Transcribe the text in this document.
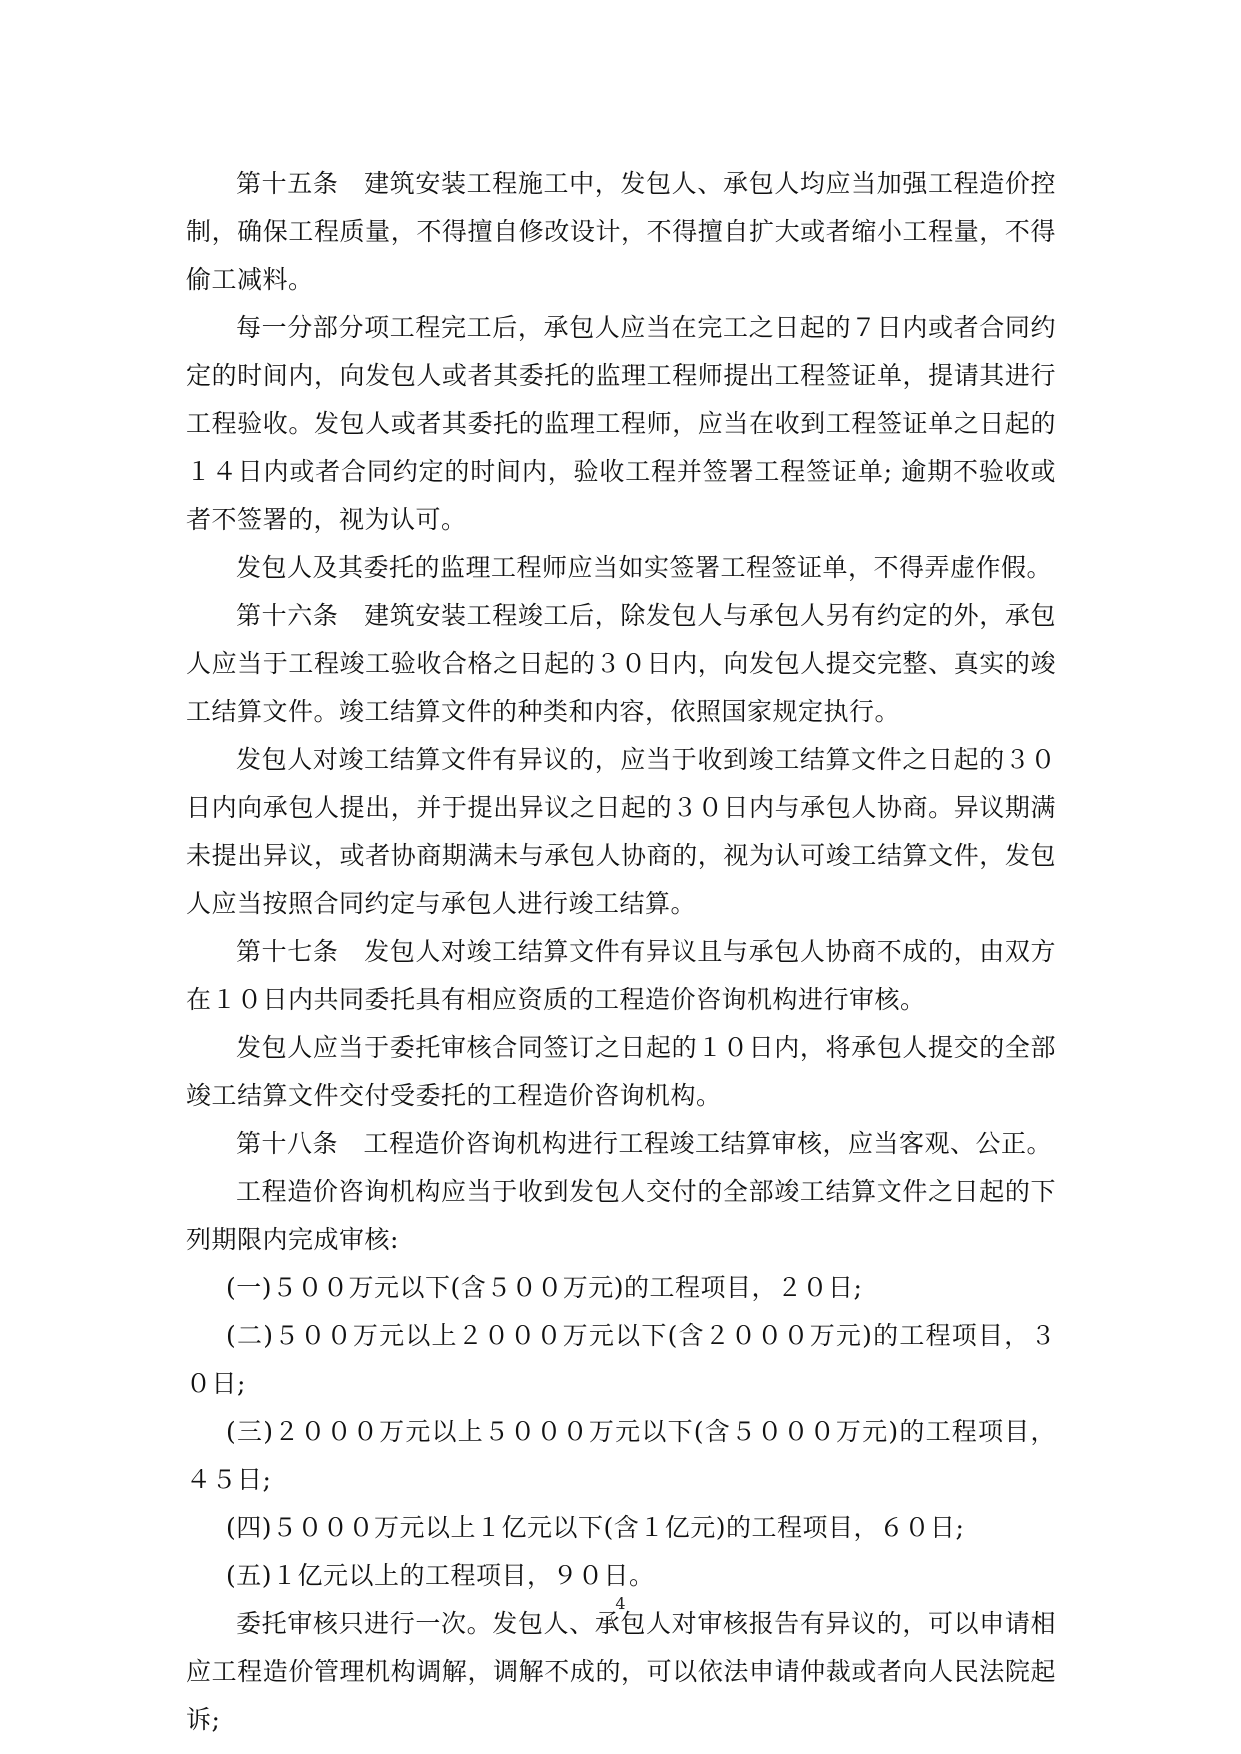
第十五条　建筑安装工程施工中，发包人、承包人均应当加强工程造价控制，确保工程质量，不得擅自修改设计，不得擅自扩大或者缩小工程量，不得偷工减料。

每一分部分项工程完工后，承包人应当在完工之日起的７日内或者合同约定的时间内，向发包人或者其委托的监理工程师提出工程签证单，提请其进行工程验收。发包人或者其委托的监理工程师，应当在收到工程签证单之日起的１４日内或者合同约定的时间内，验收工程并签署工程签证单; 逾期不验收或者不签署的，视为认可。

发包人及其委托的监理工程师应当如实签署工程签证单，不得弄虚作假。

第十六条　建筑安装工程竣工后，除发包人与承包人另有约定的外，承包人应当于工程竣工验收合格之日起的３０日内，向发包人提交完整、真实的竣工结算文件。竣工结算文件的种类和内容，依照国家规定执行。

发包人对竣工结算文件有异议的，应当于收到竣工结算文件之日起的３０日内向承包人提出，并于提出异议之日起的３０日内与承包人协商。异议期满未提出异议，或者协商期满未与承包人协商的，视为认可竣工结算文件，发包人应当按照合同约定与承包人进行竣工结算。

第十七条　发包人对竣工结算文件有异议且与承包人协商不成的，由双方在１０日内共同委托具有相应资质的工程造价咨询机构进行审核。

发包人应当于委托审核合同签订之日起的１０日内，将承包人提交的全部竣工结算文件交付受委托的工程造价咨询机构。

第十八条　工程造价咨询机构进行工程竣工结算审核，应当客观、公正。

工程造价咨询机构应当于收到发包人交付的全部竣工结算文件之日起的下列期限内完成审核:

(一)５００万元以下(含５００万元)的工程项目，２０日;

(二)５００万元以上２０００万元以下(含２０００万元)的工程项目，３０日;

(三)２０００万元以上５０００万元以下(含５０００万元)的工程项目，４５日;

(四)５０００万元以上１亿元以下(含１亿元)的工程项目，６０日;

(五)１亿元以上的工程项目，９０日。

委托审核只进行一次。发包人、承包人对审核报告有异议的，可以申请相应工程造价管理机构调解，调解不成的，可以依法申请仲裁或者向人民法院起诉;

4
